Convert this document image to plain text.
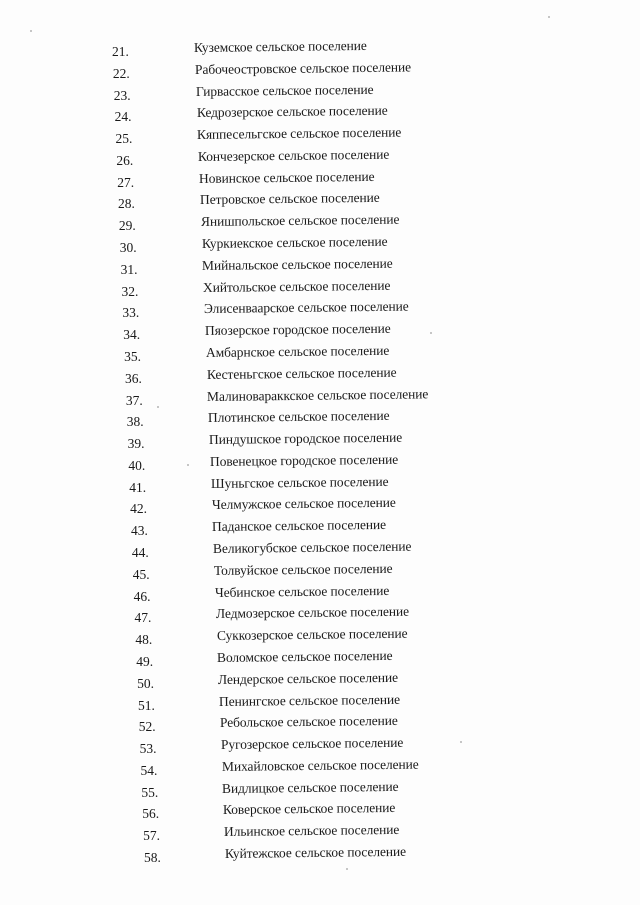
21.	Куземское сельское поселение
22.	Рабочеостровское сельское поселение
23.	Гирвасское сельское поселение
24.	Кедрозерское сельское поселение
25.	Кяппесельгское сельское поселение
26.	Кончезерское сельское поселение
27.	Новинское сельское поселение
28.	Петровское сельское поселение
29.	Янишпольское сельское поселение
30.	Куркиекское сельское поселение
31.	Мийнальское сельское поселение
32.	Хийтольское сельское поселение
33.	Элисенваарское сельское поселение
34.	Пяозерское городское поселение
35.	Амбарнское сельское поселение
36.	Кестеньгское сельское поселение
37.	Малиновараккское сельское поселение
38.	Плотинское сельское поселение
39.	Пиндушское городское поселение
40.	Повенецкое городское поселение
41.	Шуньгское сельское поселение
42.	Челмужское сельское поселение
43.	Паданское сельское поселение
44.	Великогубское сельское поселение
45.	Толвуйское сельское поселение
46.	Чебинское сельское поселение
47.	Ледмозерское сельское поселение
48.	Суккозерское сельское поселение
49.	Воломское сельское поселение
50.	Лендерское сельское поселение
51.	Пенингское сельское поселение
52.	Ребольское сельское поселение
53.	Ругозерское сельское поселение
54.	Михайловское сельское поселение
55.	Видлицкое сельское поселение
56.	Коверское сельское поселение
57.	Ильинское сельское поселение
58.	Куйтежское сельское поселение
